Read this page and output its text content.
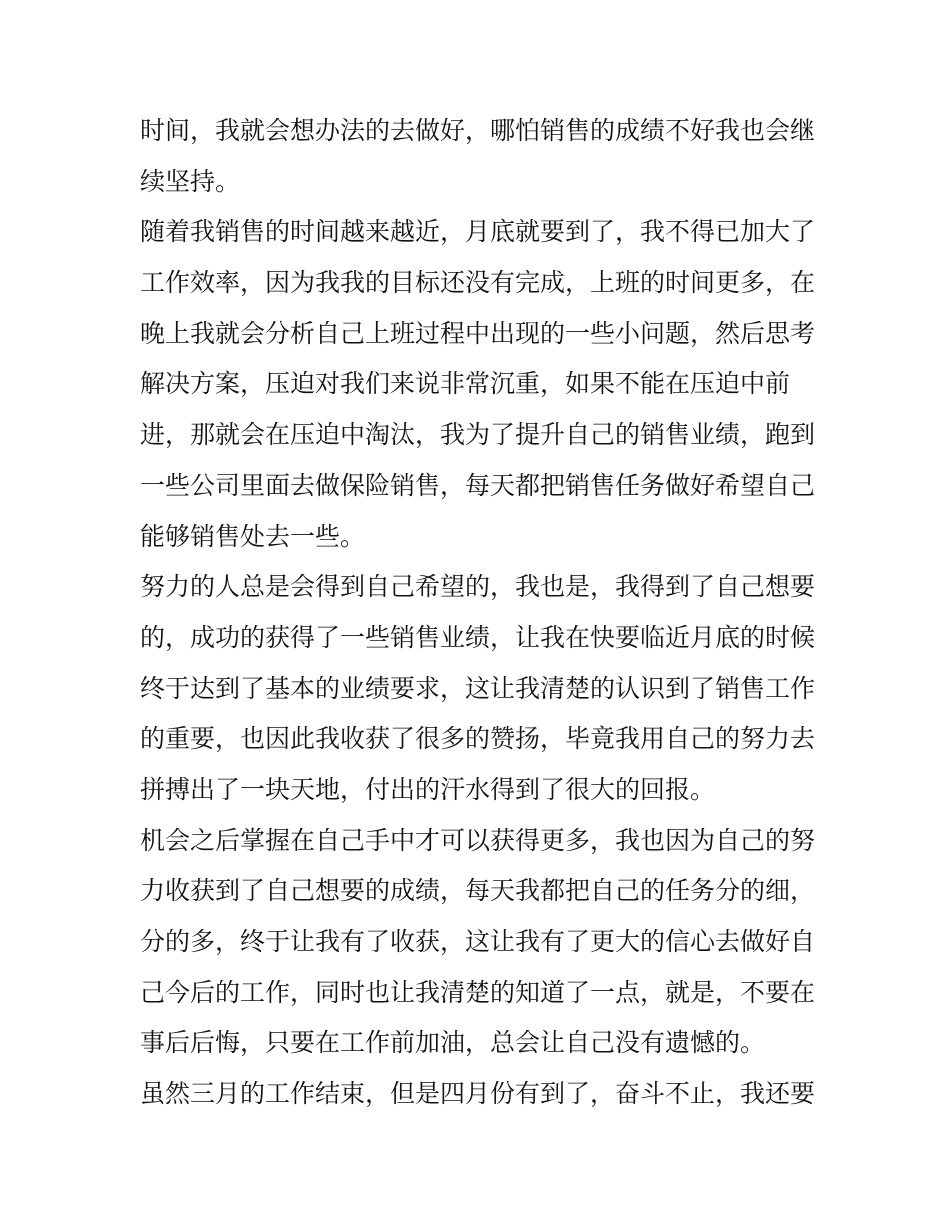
时间，我就会想办法的去做好，哪怕销售的成绩不好我也会继
续坚持。
随着我销售的时间越来越近，月底就要到了，我不得已加大了
工作效率，因为我我的目标还没有完成，上班的时间更多，在
晚上我就会分析自己上班过程中出现的一些小问题，然后思考
解决方案，压迫对我们来说非常沉重，如果不能在压迫中前
进，那就会在压迫中淘汰，我为了提升自己的销售业绩，跑到
一些公司里面去做保险销售，每天都把销售任务做好希望自己
能够销售处去一些。
努力的人总是会得到自己希望的，我也是，我得到了自己想要
的，成功的获得了一些销售业绩，让我在快要临近月底的时候
终于达到了基本的业绩要求，这让我清楚的认识到了销售工作
的重要，也因此我收获了很多的赞扬，毕竟我用自己的努力去
拼搏出了一块天地，付出的汗水得到了很大的回报。
机会之后掌握在自己手中才可以获得更多，我也因为自己的努
力收获到了自己想要的成绩，每天我都把自己的任务分的细，
分的多，终于让我有了收获，这让我有了更大的信心去做好自
己今后的工作，同时也让我清楚的知道了一点，就是，不要在
事后后悔，只要在工作前加油，总会让自己没有遗憾的。
虽然三月的工作结束，但是四月份有到了，奋斗不止，我还要
